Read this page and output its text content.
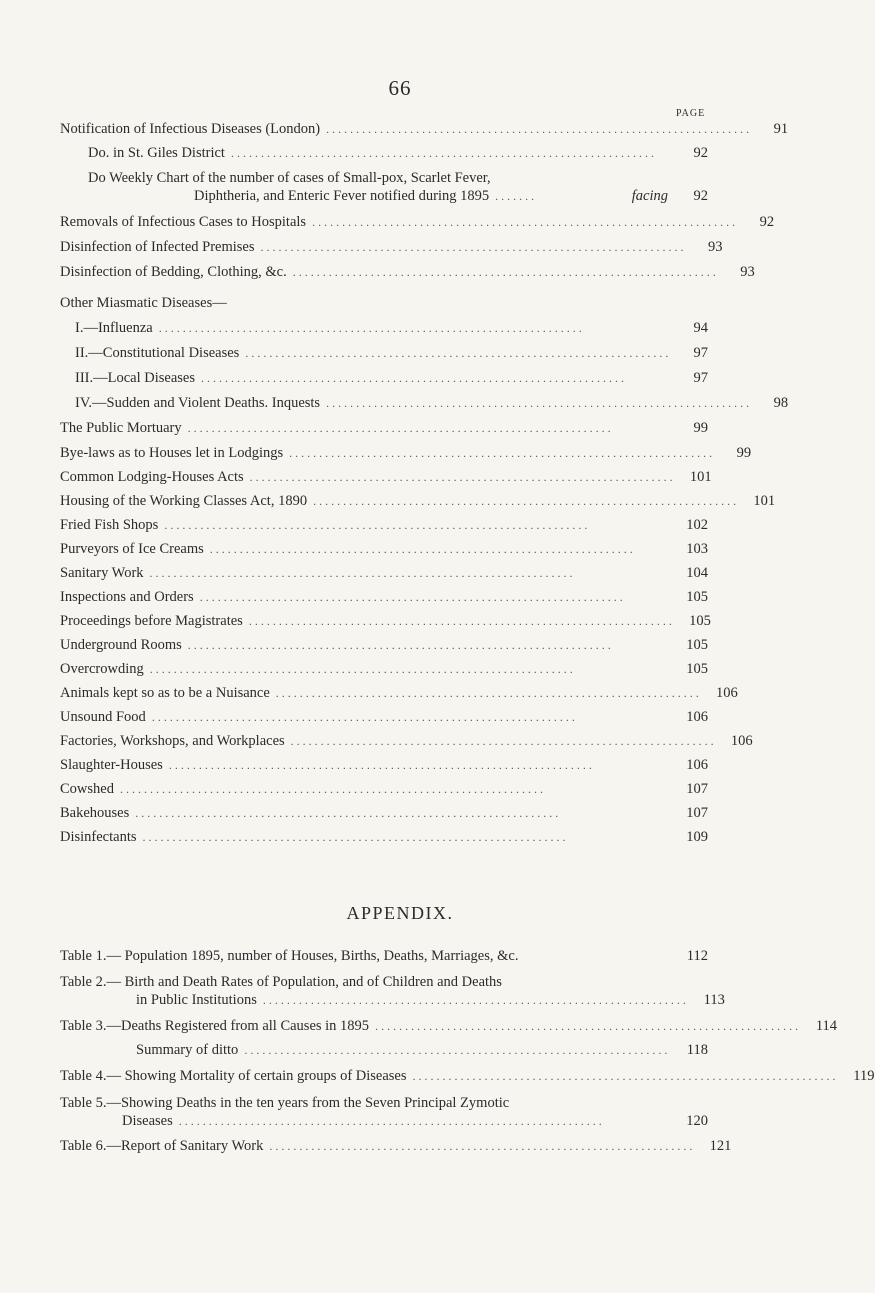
66
PAGE
Notification of Infectious Diseases (London) .......................................................................	91
Do. in St. Giles District .......................................................................	92
Do Weekly Chart of the number of cases of Small-pox, Scarlet Fever,
Diphtheria, and Enteric Fever notified during 1895 .......	facing	92
Removals of Infectious Cases to Hospitals .......................................................................	92
Disinfection of Infected Premises .......................................................................	93
Disinfection of Bedding, Clothing, &c. .......................................................................	93
Other Miasmatic Diseases—
I.—Influenza .......................................................................	94
II.—Constitutional Diseases .......................................................................	97
III.—Local Diseases .......................................................................	97
IV.—Sudden and Violent Deaths. Inquests .......................................................................	98
The Public Mortuary .......................................................................	99
Bye-laws as to Houses let in Lodgings .......................................................................	99
Common Lodging-Houses Acts ....................................................................... 101
Housing of the Working Classes Act, 1890 ....................................................................... 101
Fried Fish Shops .......................................................................	102
Purveyors of Ice Creams .......................................................................	103
Sanitary Work .......................................................................	104
Inspections and Orders .......................................................................	105
Proceedings before Magistrates ....................................................................... 105
Underground Rooms .......................................................................	105
Overcrowding .......................................................................	105
Animals kept so as to be a Nuisance ....................................................................... 106
Unsound Food .......................................................................	106
Factories, Workshops, and Workplaces ....................................................................... 106
Slaughter-Houses .......................................................................	106
Cowshed .......................................................................	107
Bakehouses .......................................................................	107
Disinfectants .......................................................................	109
APPENDIX.
Table 1.— Population 1895, number of Houses, Births, Deaths, Marriages, &c.	112
Table 2.— Birth and Death Rates of Population, and of Children and Deaths
in Public Institutions .......................................................................	113
Table 3.—Deaths Registered from all Causes in 1895 .......................................................................	114
Summary of ditto .......................................................................	118
Table 4.— Showing Mortality of certain groups of Diseases .......................................................................	119
Table 5.—Showing Deaths in the ten years from the Seven Principal Zymotic
Diseases .......................................................................	120
Table 6.—Report of Sanitary Work ....................................................................... 121
